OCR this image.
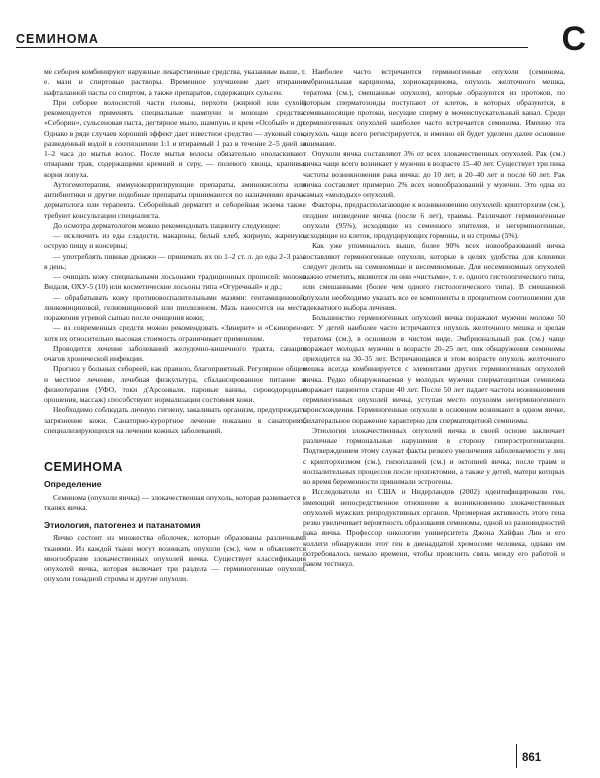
СЕМИНОМА	С

ме себорея комбинируют наружные лекарственные средства, указанные выше, т. е. мази и спиртовые растворы. Временное улучшение дает втирание нафталанной пасты со спиртом, а также препаратов, содержащих сульсен.

При себорее волосистой части головы, перхоти (жирной или сухой) рекомендуется применять специальные шампуни и моющие средства: «Себорин», сульсеновая паста, дегтярное мыло, шампунь и крем «Особый» и др. Однако в ряде случаев хороший эффект дает известное средство — луковый сок, разведенный водой в соотношении 1:1 и втираемый 1 раз в течение 2–5 дней за 1–2 часа до мытья волос. После мытья волосы обязательно ополаскивают отварами трав, содержащими кремний и серу, — полевого хвоща, крапивы, корня лопуха.

Аутогемотерапия, иммунокорригирующие препараты, аминокислоты или антибиотики и другие подобные препараты принимаются по назначению врача-дерматолога или терапевта. Себорейный дерматит и себорейная экзема также требуют консультации специалиста.

До осмотра дерматологом можно рекомендовать пациенту следующее:

— исключить из еды сладости, макароны, белый хлеб, жирную, жареную, острую пищу и консервы;

— употреблять пивные дрожжи — принимать их по 1–2 ст. л. до еды 2–3 раза в день;

— очищать кожу специальными лосьонами традиционных прописей: молоко Видаля, ОХУ-5 (10) или косметические лосьоны типа «Огуречный» и др.;

— обрабатывать кожу противовоспалительными мазями: гентамициновой, линкомициновой, гелиомициновой или пиолизином. Мазь наносится на места поражения угревой сыпью после очищения кожи;

— из современных средств можно рекомендовать «Зинерит» и «Скинорен», хотя их относительно высокая стоимость ограничивает применение.

Проводится лечение заболеваний желудочно-кишечного тракта, санация очагов хронической инфекции.

Прогноз у больных себореей, как правило, благоприятный. Регулярное общее и местное лечение, лечебная физкультура, сбалансированное питание и физиотерапия (УФО, токи д'Арсонваля, паровые ванны, сероводородные орошения, массаж) способствуют нормализации состояния кожи.

Необходимо соблюдать личную гигиену, закаливать организм, предупреждать загрязнение кожи. Санаторно-курортное лечение показано в санаториях, специализирующихся на лечении кожных заболеваний.

СЕМИНОМА
Определение

Семинома (опухоли яичка) — злокачественная опухоль, которая развивается в тканях яичка.

Этиология, патогенез и патанатомия

Яичко состоит из множества оболочек, которые образованы различными тканями. Из каждой ткани могут возникать опухоли (см.), чем и объясняется многообразие злокачественных опухолей яичка. Существует классификация опухолей яичка, которая включает три раздела — герминогенные опухоли, опухоли гонадной стромы и другие опухоли.

Наиболее часто встречаются герминогенные опухоли (семинома, эмбриональная карцинома, хориокарцинома, опухоль желточного мешка, тератома (см.), смешанные опухоли), которые образуются из протоков, по которым сперматозоиды поступают от клеток, в которых образуются, в семявыносящие протоки, несущие сперму в мочеиспускательный канал. Среди герминогенных опухолей наиболее часто встречается семинома. Именно эта опухоль чаще всего регистрируется, и именно ей будет уделено далее основное внимание.

Опухоли яичка составляют 3% от всех злокачественных опухолей. Рак (см.) яичка чаще всего возникает у мужчин в возрасте 15–40 лет. Существует три пика частоты возникновения рака яичка: до 10 лет, в 20–40 лет и после 60 лет. Рак яичка составляет примерно 2% всех новообразований у мужчин. Это одна из самых «молодых» опухолей.

Факторы, предрасполагающие к возникновению опухолей: крипторхизм (см.), позднее низведение яичка (после 6 лет), травмы. Различают герминогенные опухоли (95%), исходящие из семенного эпителия, и негерминогенные, исходящие из клеток, продуцирующих гормоны, и из стромы (5%).

Как уже упоминалось выше, более 90% всех новообразований яичка составляют герминогенные опухоли, которые в целях удобства для клиники следует делить на семиномные и несеминомные. Для несеминомных опухолей важно отметить, являются ли они «чистыми», т. е. одного гистологического типа, или смешанными (более чем одного гистологического типа). В смешанной опухоли необходимо указать все ее компоненты в процентном соотношении для адекватного выбора лечения.

Большинство герминогенных опухолей яичка поражают мужчин моложе 50 лет. У детей наиболее часто встречаются опухоль желточного мешка и зрелая тератома (см.), в основном в чистом виде. Эмбриональный рак (см.) чаще поражает молодых мужчин в возрасте 20–25 лет, пик обнаружения семиномы приходится на 30–35 лет. Встречающаяся в этом возрасте опухоль желточного мешка всегда комбинируется с элементами других герминогенных опухолей яичка. Редко обнаруживаемая у молодых мужчин сперматоцитная семинома поражает пациентов старше 40 лет. После 50 лет падает частота возникновения герминогенных опухолей яичка, уступая место опухолям негерминогенного происхождения. Герминогенные опухоли в основном возникают в одном яичке, билатеральное поражение характерно для сперматоцитной семиномы.

Этиология злокачественных опухолей яичка в своей основе заключает различные гормональные нарушения в сторону гиперэстрогенизации. Подтверждением этому служат факты резкого увеличения заболеваемости у лиц с крипторхизмом (см.), гипоплазией (см.) и эктопией яичка, после травм и воспалительных процессов после орхиэктомии, а также у детей, матери которых во время беременности принимали эстрогены.

Исследователи из США и Нидерландов (2002) идентифицировали ген, имеющий непосредственное отношение к возникновению злокачественных опухолей мужских репродуктивных органов. Чрезмерная активность этого гена резко увеличивает вероятность образования семиномы, одной из разновидностей рака яичка. Профессор онкологии университета Джона Хайфан Лин и его коллеги обнаружили этот ген в двенадцатой хромосоме человека, однако им потребовалось немало времени, чтобы прояснить связь между его работой и раком тестикул.

861
